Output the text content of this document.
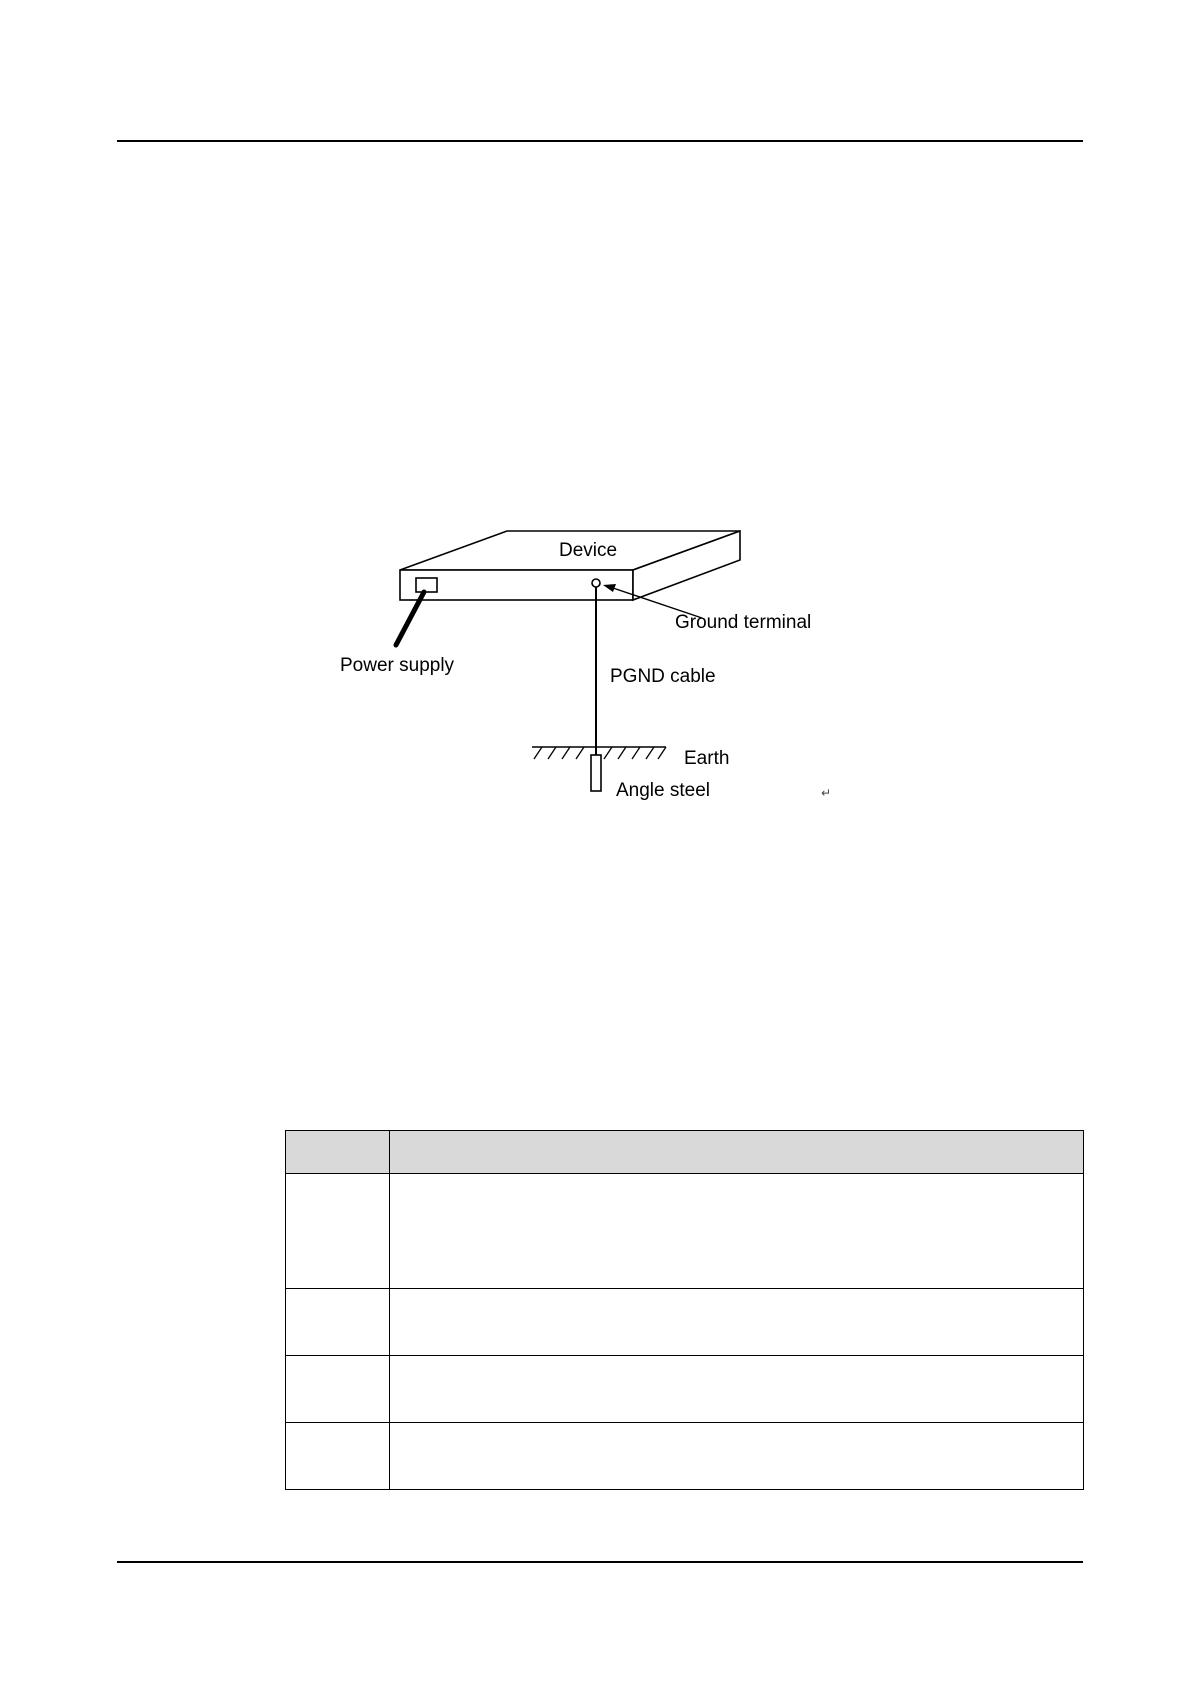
Device
Ground terminal
Power supply
PGND cable
Earth
Angle steel	↵
